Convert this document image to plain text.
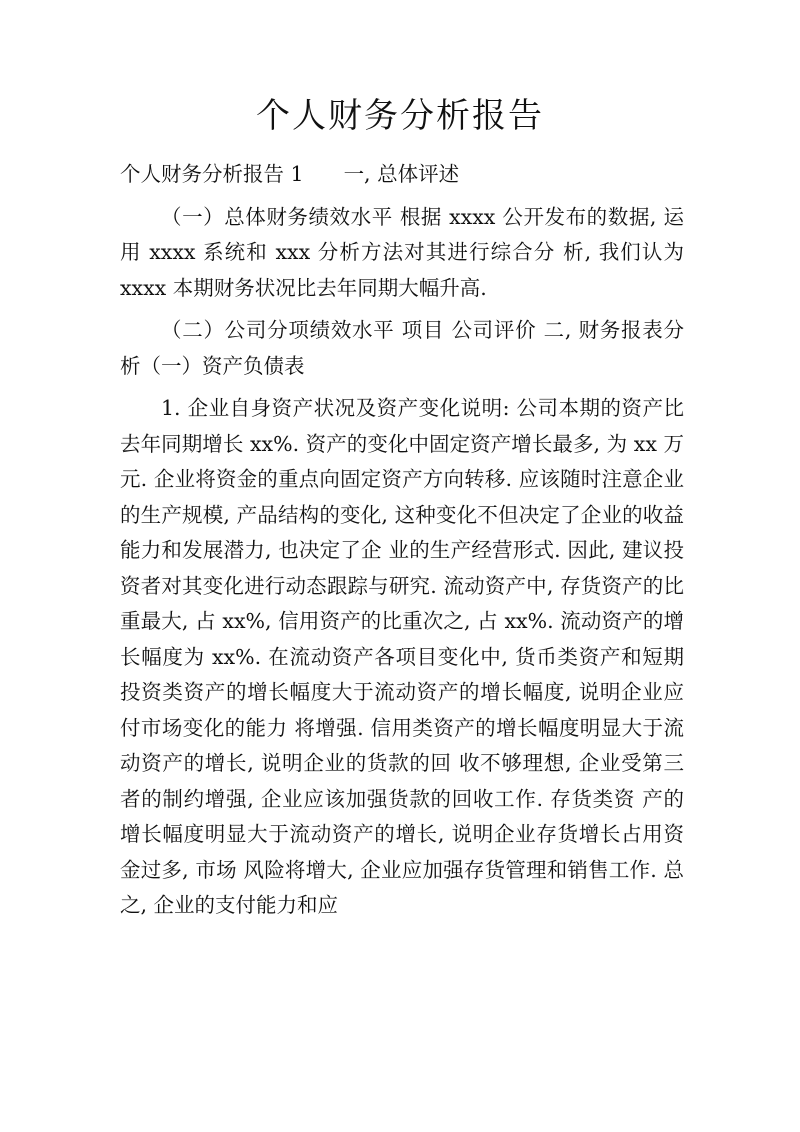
个人财务分析报告

个人财务分析报告 1 一, 总体评述

（一）总体财务绩效水平 根据 xxxx 公开发布的数据, 运用 xxxx 系统和 xxx 分析方法对其进行综合分 析, 我们认为 xxxx 本期财务状况比去年同期大幅升高.

（二）公司分项绩效水平 项目 公司评价 二, 财务报表分析（一）资产负债表

1. 企业自身资产状况及资产变化说明: 公司本期的资产比去年同期增长 xx%. 资产的变化中固定资产增长最多, 为 xx 万元. 企业将资金的重点向固定资产方向转移. 应该随时注意企业的生产规模, 产品结构的变化, 这种变化不但决定了企业的收益能力和发展潜力, 也决定了企 业的生产经营形式. 因此, 建议投资者对其变化进行动态跟踪与研究. 流动资产中, 存货资产的比重最大, 占 xx%, 信用资产的比重次之, 占 xx%. 流动资产的增长幅度为 xx%. 在流动资产各项目变化中, 货币类资产和短期 投资类资产的增长幅度大于流动资产的增长幅度, 说明企业应付市场变化的能力 将增强. 信用类资产的增长幅度明显大于流动资产的增长, 说明企业的货款的回 收不够理想, 企业受第三者的制约增强, 企业应该加强货款的回收工作. 存货类资 产的增长幅度明显大于流动资产的增长, 说明企业存货增长占用资金过多, 市场 风险将增大, 企业应加强存货管理和销售工作. 总之, 企业的支付能力和应
